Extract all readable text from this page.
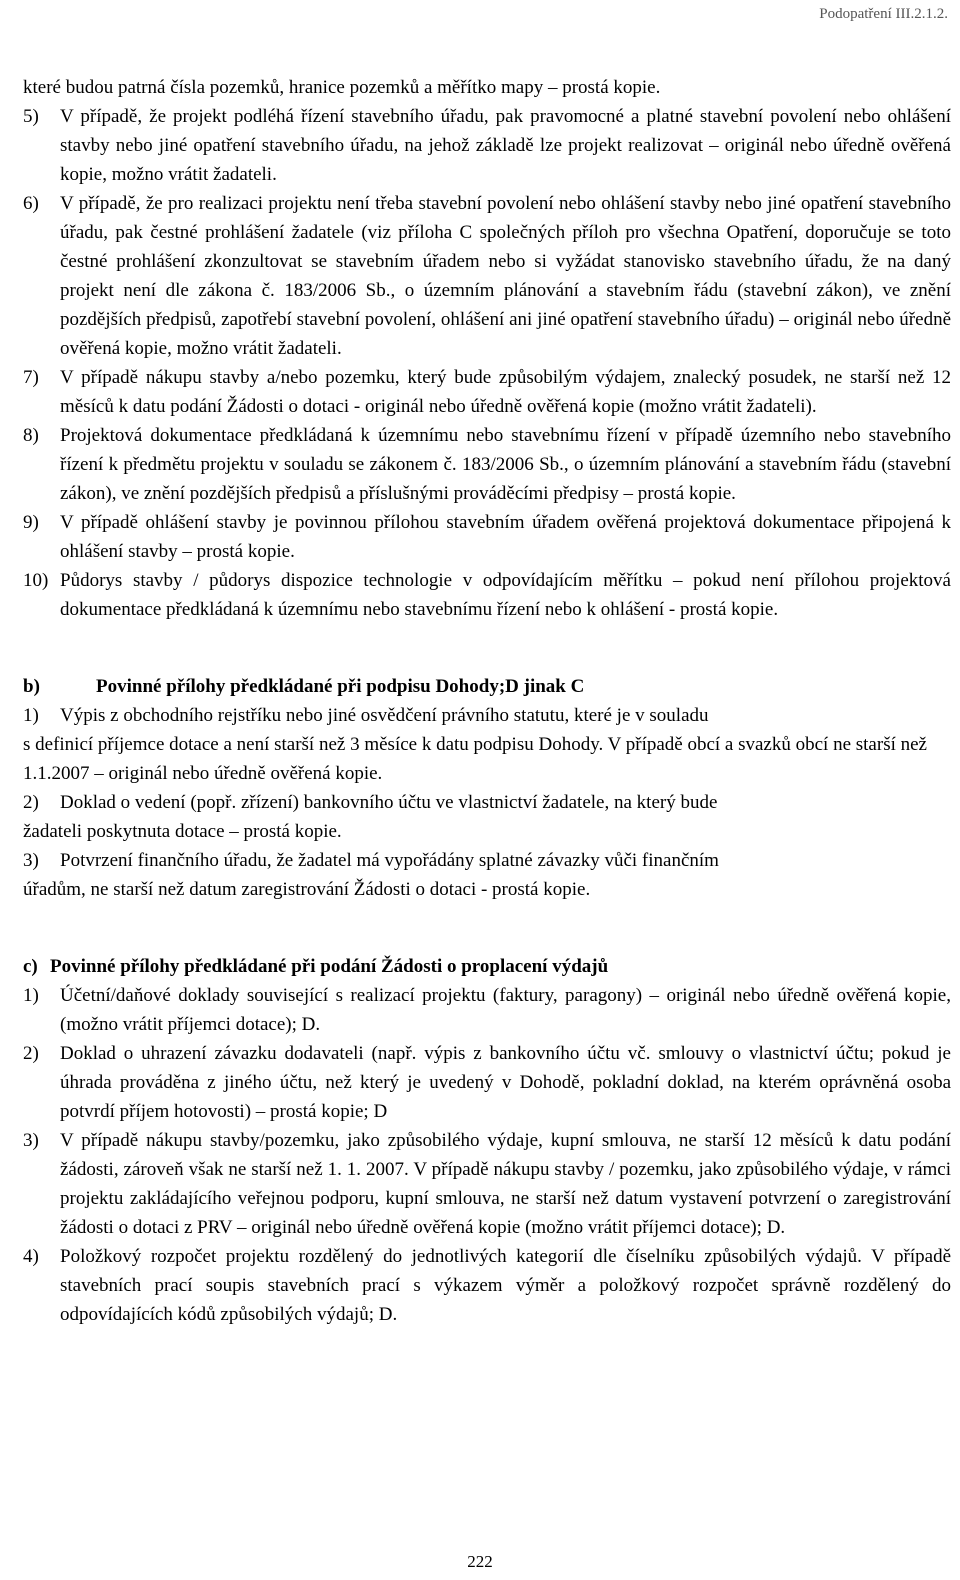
Podopatření III.2.1.2.
které budou patrná čísla pozemků, hranice pozemků a měřítko mapy – prostá kopie.
5) V případě, že projekt podléhá řízení stavebního úřadu, pak pravomocné a platné stavební povolení nebo ohlášení stavby nebo jiné opatření stavebního úřadu, na jehož základě lze projekt realizovat – originál nebo úředně ověřená kopie, možno vrátit žadateli.
6) V případě, že pro realizaci projektu není třeba stavební povolení nebo ohlášení stavby nebo jiné opatření stavebního úřadu, pak čestné prohlášení žadatele (viz příloha C společných příloh pro všechna Opatření, doporučuje se toto čestné prohlášení zkonzultovat se stavebním úřadem nebo si vyžádat stanovisko stavebního úřadu, že na daný projekt není dle zákona č. 183/2006 Sb., o územním plánování a stavebním řádu (stavební zákon), ve znění pozdějších předpisů, zapotřebí stavební povolení, ohlášení ani jiné opatření stavebního úřadu) – originál nebo úředně ověřená kopie, možno vrátit žadateli.
7) V případě nákupu stavby a/nebo pozemku, který bude způsobilým výdajem, znalecký posudek, ne starší než 12 měsíců k datu podání Žádosti o dotaci - originál nebo úředně ověřená kopie (možno vrátit žadateli).
8) Projektová dokumentace předkládaná k územnímu nebo stavebnímu řízení v případě územního nebo stavebního řízení k předmětu projektu v souladu se zákonem č. 183/2006 Sb., o územním plánování a stavebním řádu (stavební zákon), ve znění pozdějších předpisů a příslušnými prováděcími předpisy – prostá kopie.
9) V případě ohlášení stavby je povinnou přílohou stavebním úřadem ověřená projektová dokumentace připojená k ohlášení stavby – prostá kopie.
10) Půdorys stavby / půdorys dispozice technologie v odpovídajícím měřítku – pokud není přílohou projektová dokumentace předkládaná k územnímu nebo stavebnímu řízení nebo k ohlášení - prostá kopie.
b)	Povinné přílohy předkládané při podpisu Dohody;D jinak C
1) Výpis z obchodního rejstříku nebo jiné osvědčení právního statutu, které je v souladu
s definicí příjemce dotace a není starší než 3 měsíce k datu podpisu Dohody. V případě obcí a svazků obcí ne starší než 1.1.2007 – originál nebo úředně ověřená kopie.
2) Doklad o vedení (popř. zřízení) bankovního účtu ve vlastnictví žadatele, na který bude
žadateli poskytnuta dotace – prostá kopie.
3) Potvrzení finančního úřadu, že žadatel má vypořádány splatné závazky vůči finančním
úřadům, ne starší než datum zaregistrování Žádosti o dotaci - prostá kopie.
c) Povinné přílohy předkládané při podání Žádosti o proplacení výdajů
1) Účetní/daňové doklady související s realizací projektu (faktury, paragony) – originál nebo úředně ověřená kopie, (možno vrátit příjemci dotace); D.
2) Doklad o uhrazení závazku dodavateli (např. výpis z bankovního účtu vč. smlouvy o vlastnictví účtu; pokud je úhrada prováděna z jiného účtu, než který je uvedený v Dohodě, pokladní doklad, na kterém oprávněná osoba potvrdí příjem hotovosti) – prostá kopie; D
3) V případě nákupu stavby/pozemku, jako způsobilého výdaje, kupní smlouva, ne starší 12 měsíců k datu podání žádosti, zároveň však ne starší než 1. 1. 2007. V případě nákupu stavby / pozemku, jako způsobilého výdaje, v rámci projektu zakládajícího veřejnou podporu, kupní smlouva, ne starší než datum vystavení potvrzení o zaregistrování žádosti o dotaci z PRV – originál nebo úředně ověřená kopie (možno vrátit příjemci dotace); D.
4) Položkový rozpočet projektu rozdělený do jednotlivých kategorií dle číselníku způsobilých výdajů. V případě stavebních prací soupis stavebních prací s výkazem výměr a položkový rozpočet správně rozdělený do odpovídajících kódů způsobilých výdajů; D.
222
